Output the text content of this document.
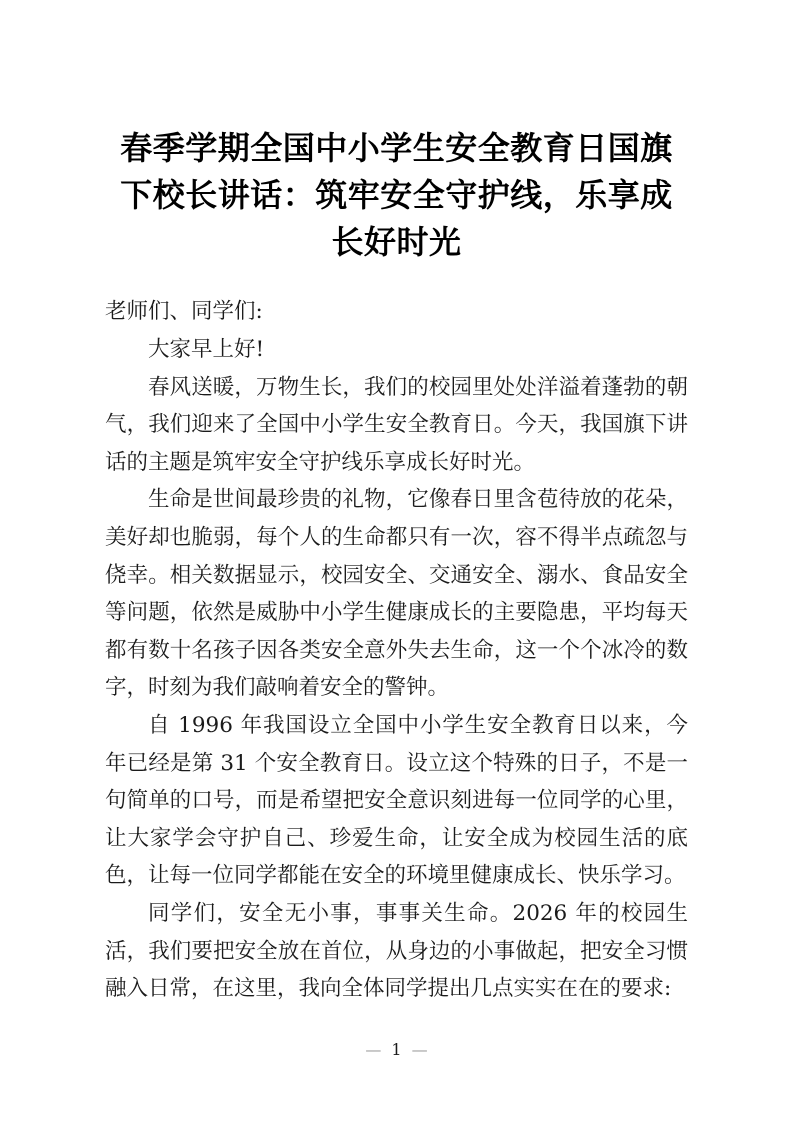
春季学期全国中小学生安全教育日国旗下校长讲话：筑牢安全守护线，乐享成长好时光

老师们、同学们:

大家早上好!

春风送暖，万物生长，我们的校园里处处洋溢着蓬勃的朝气，我们迎来了全国中小学生安全教育日。今天，我国旗下讲话的主题是筑牢安全守护线乐享成长好时光。

生命是世间最珍贵的礼物，它像春日里含苞待放的花朵，美好却也脆弱，每个人的生命都只有一次，容不得半点疏忽与侥幸。相关数据显示，校园安全、交通安全、溺水、食品安全等问题，依然是威胁中小学生健康成长的主要隐患，平均每天都有数十名孩子因各类安全意外失去生命，这一个个冰冷的数字，时刻为我们敲响着安全的警钟。

自 1996 年我国设立全国中小学生安全教育日以来，今年已经是第 31 个安全教育日。设立这个特殊的日子，不是一句简单的口号，而是希望把安全意识刻进每一位同学的心里，让大家学会守护自己、珍爱生命，让安全成为校园生活的底色，让每一位同学都能在安全的环境里健康成长、快乐学习。

同学们，安全无小事，事事关生命。2026 年的校园生活，我们要把安全放在首位，从身边的小事做起，把安全习惯融入日常，在这里，我向全体同学提出几点实实在在的要求:

— 1 —
